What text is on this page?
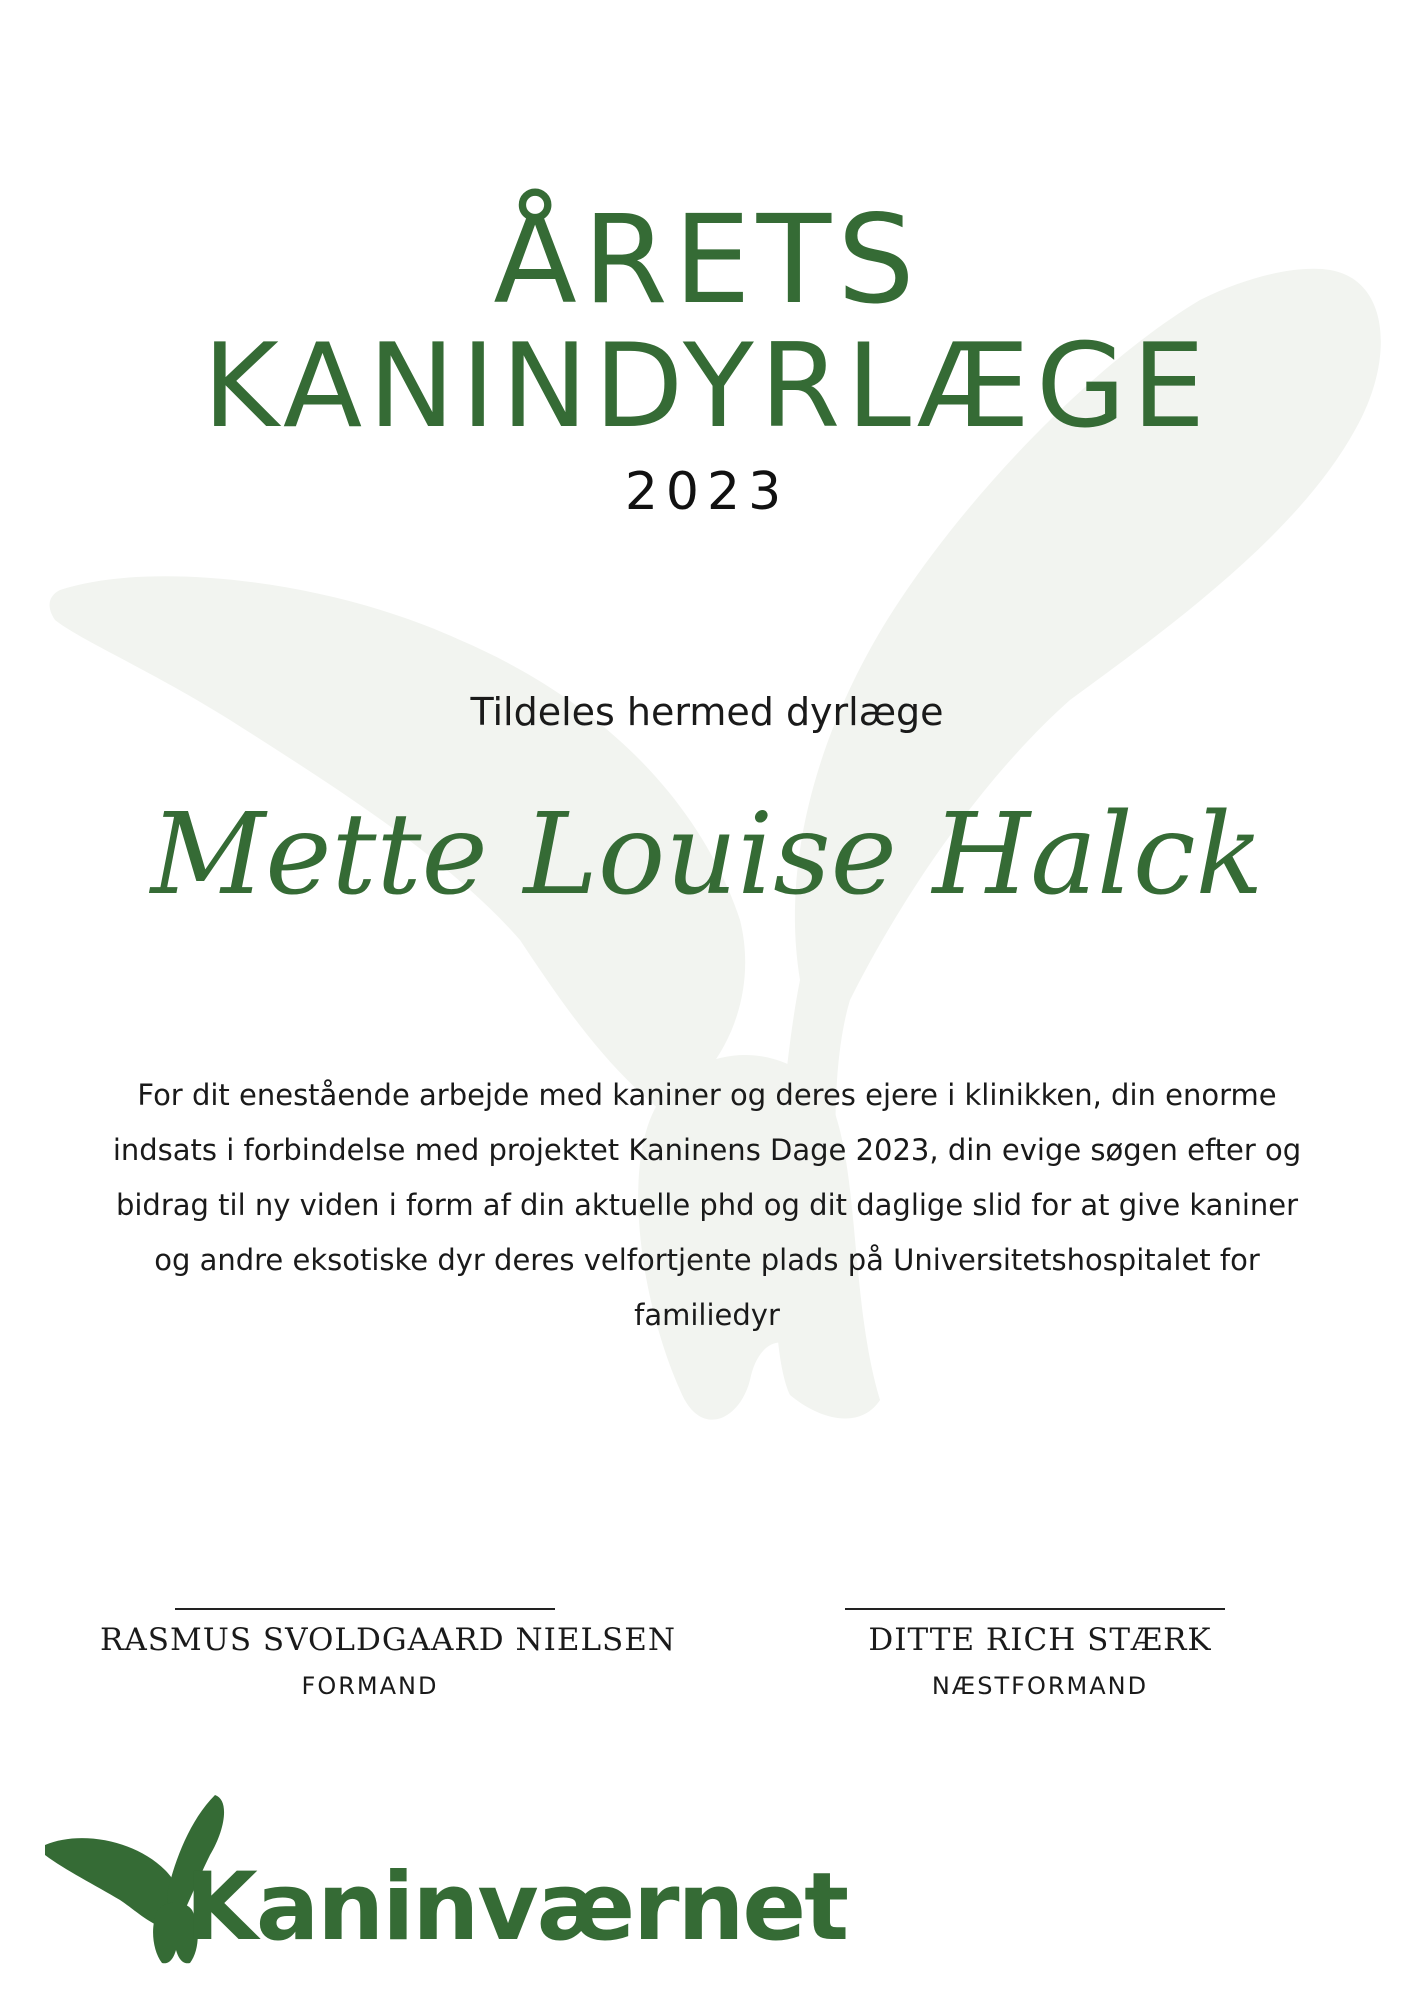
ÅRETS
KANINDYRLÆGE
2023
Tildeles hermed dyrlæge
Mette Louise Halck
For dit enestående arbejde med kaniner og deres ejere i klinikken, din enorme indsats i forbindelse med projektet Kaninens Dage 2023, din evige søgen efter og bidrag til ny viden i form af din aktuelle phd og dit daglige slid for at give kaniner og andre eksotiske dyr deres velfortjente plads på Universitetshospitalet for familiedyr
RASMUS SVOLDGAARD NIELSEN
FORMAND
DITTE RICH STÆRK
NÆSTFORMAND
Kaninværnet
